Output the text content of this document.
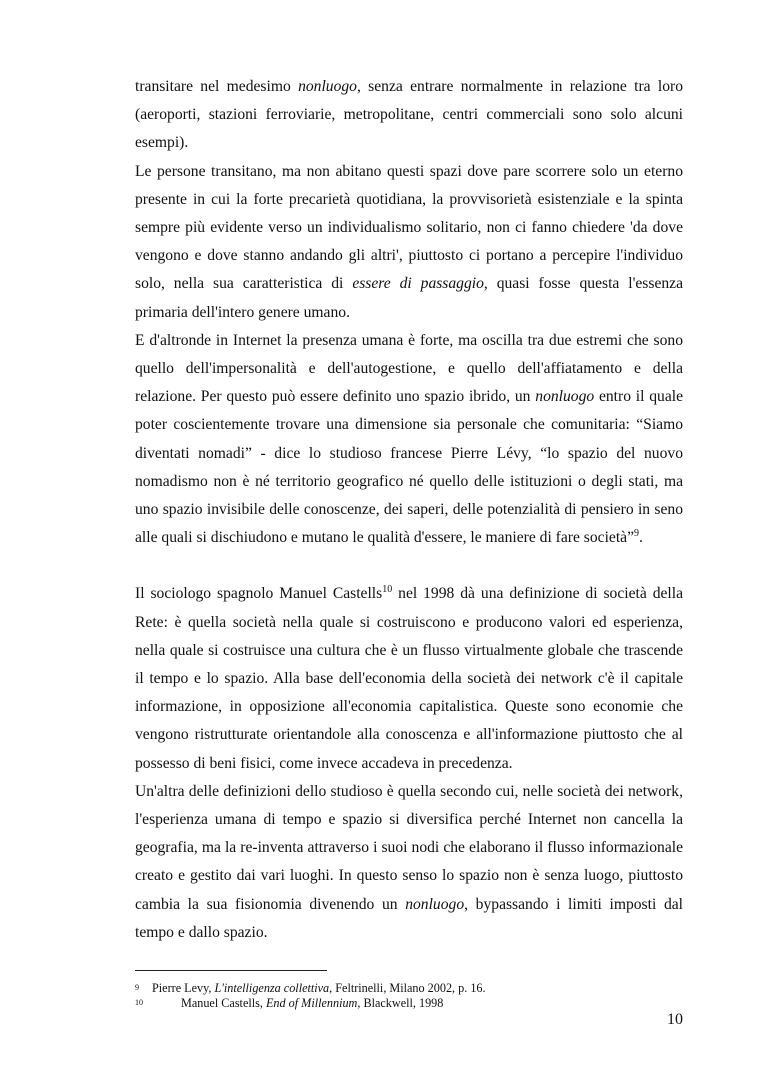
transitare nel medesimo nonluogo, senza entrare normalmente in relazione tra loro (aeroporti, stazioni ferroviarie, metropolitane, centri commerciali sono solo alcuni esempi).

Le persone transitano, ma non abitano questi spazi dove pare scorrere solo un eterno presente in cui la forte precarietà quotidiana, la provvisorietà esistenziale e la spinta sempre più evidente verso un individualismo solitario, non ci fanno chiedere 'da dove vengono e dove stanno andando gli altri', piuttosto ci portano a percepire l'individuo solo, nella sua caratteristica di essere di passaggio, quasi fosse questa l'essenza primaria dell'intero genere umano.

E d'altronde in Internet la presenza umana è forte, ma oscilla tra due estremi che sono quello dell'impersonalità e dell'autogestione, e quello dell'affiatamento e della relazione. Per questo può essere definito uno spazio ibrido, un nonluogo entro il quale poter coscientemente trovare una dimensione sia personale che comunitaria: “Siamo diventati nomadi” - dice lo studioso francese Pierre Lévy, “lo spazio del nuovo nomadismo non è né territorio geografico né quello delle istituzioni o degli stati, ma uno spazio invisibile delle conoscenze, dei saperi, delle potenzialità di pensiero in seno alle quali si dischiudono e mutano le qualità d'essere, le maniere di fare società”$^9$.

Il sociologo spagnolo Manuel Castells$^{10}$ nel 1998 dà una definizione di società della Rete: è quella società nella quale si costruiscono e producono valori ed esperienza, nella quale si costruisce una cultura che è un flusso virtualmente globale che trascende il tempo e lo spazio. Alla base dell'economia della società dei network c'è il capitale informazione, in opposizione all'economia capitalistica. Queste sono economie che vengono ristrutturate orientandole alla conoscenza e all'informazione piuttosto che al possesso di beni fisici, come invece accadeva in precedenza.

Un'altra delle definizioni dello studioso è quella secondo cui, nelle società dei network, l'esperienza umana di tempo e spazio si diversifica perché Internet non cancella la geografia, ma la re-inventa attraverso i suoi nodi che elaborano il flusso informazionale creato e gestito dai vari luoghi. In questo senso lo spazio non è senza luogo, piuttosto cambia la sua fisionomia divenendo un nonluogo, bypassando i limiti imposti dal tempo e dallo spazio.

$^9$ Pierre Levy, L'intelligenza collettiva, Feltrinelli, Milano 2002, p. 16.
$^{10}$	Manuel Castells, End of Millennium, Blackwell, 1998
10
